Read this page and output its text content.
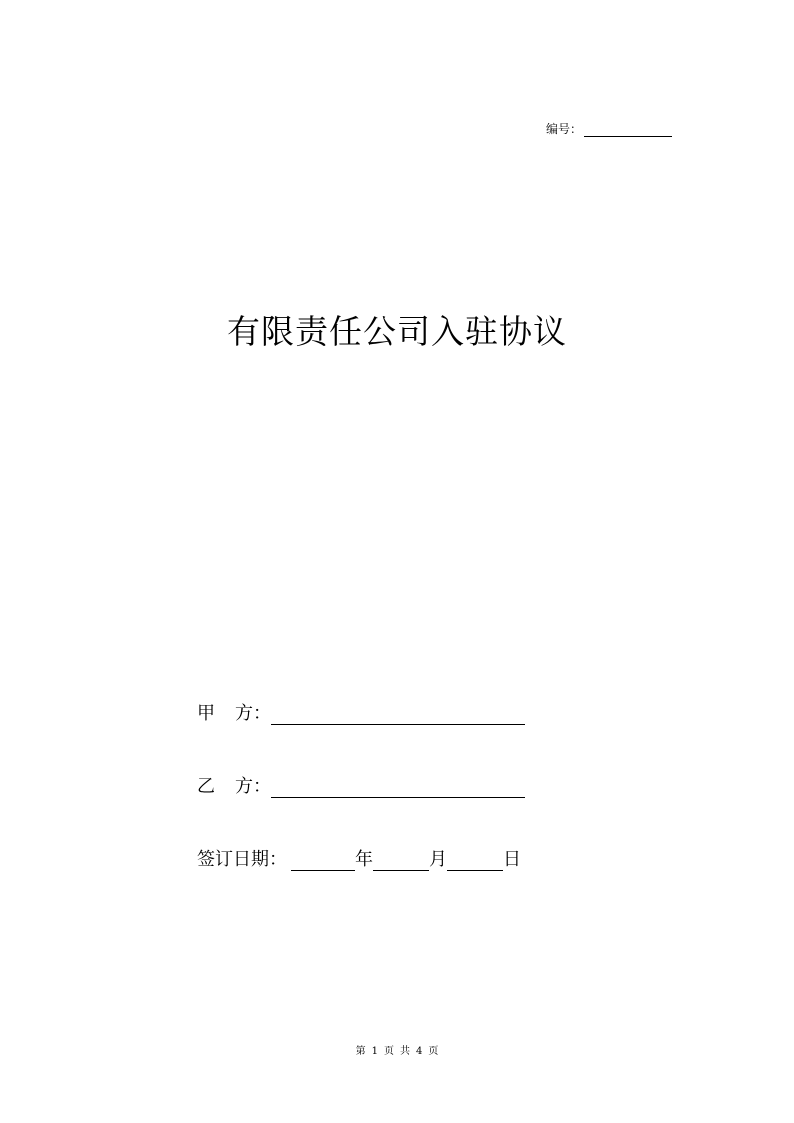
编号：
有限责任公司入驻协议
甲 方：
乙 方：
签订日期：	年	月	日
第 1 页 共 4 页
